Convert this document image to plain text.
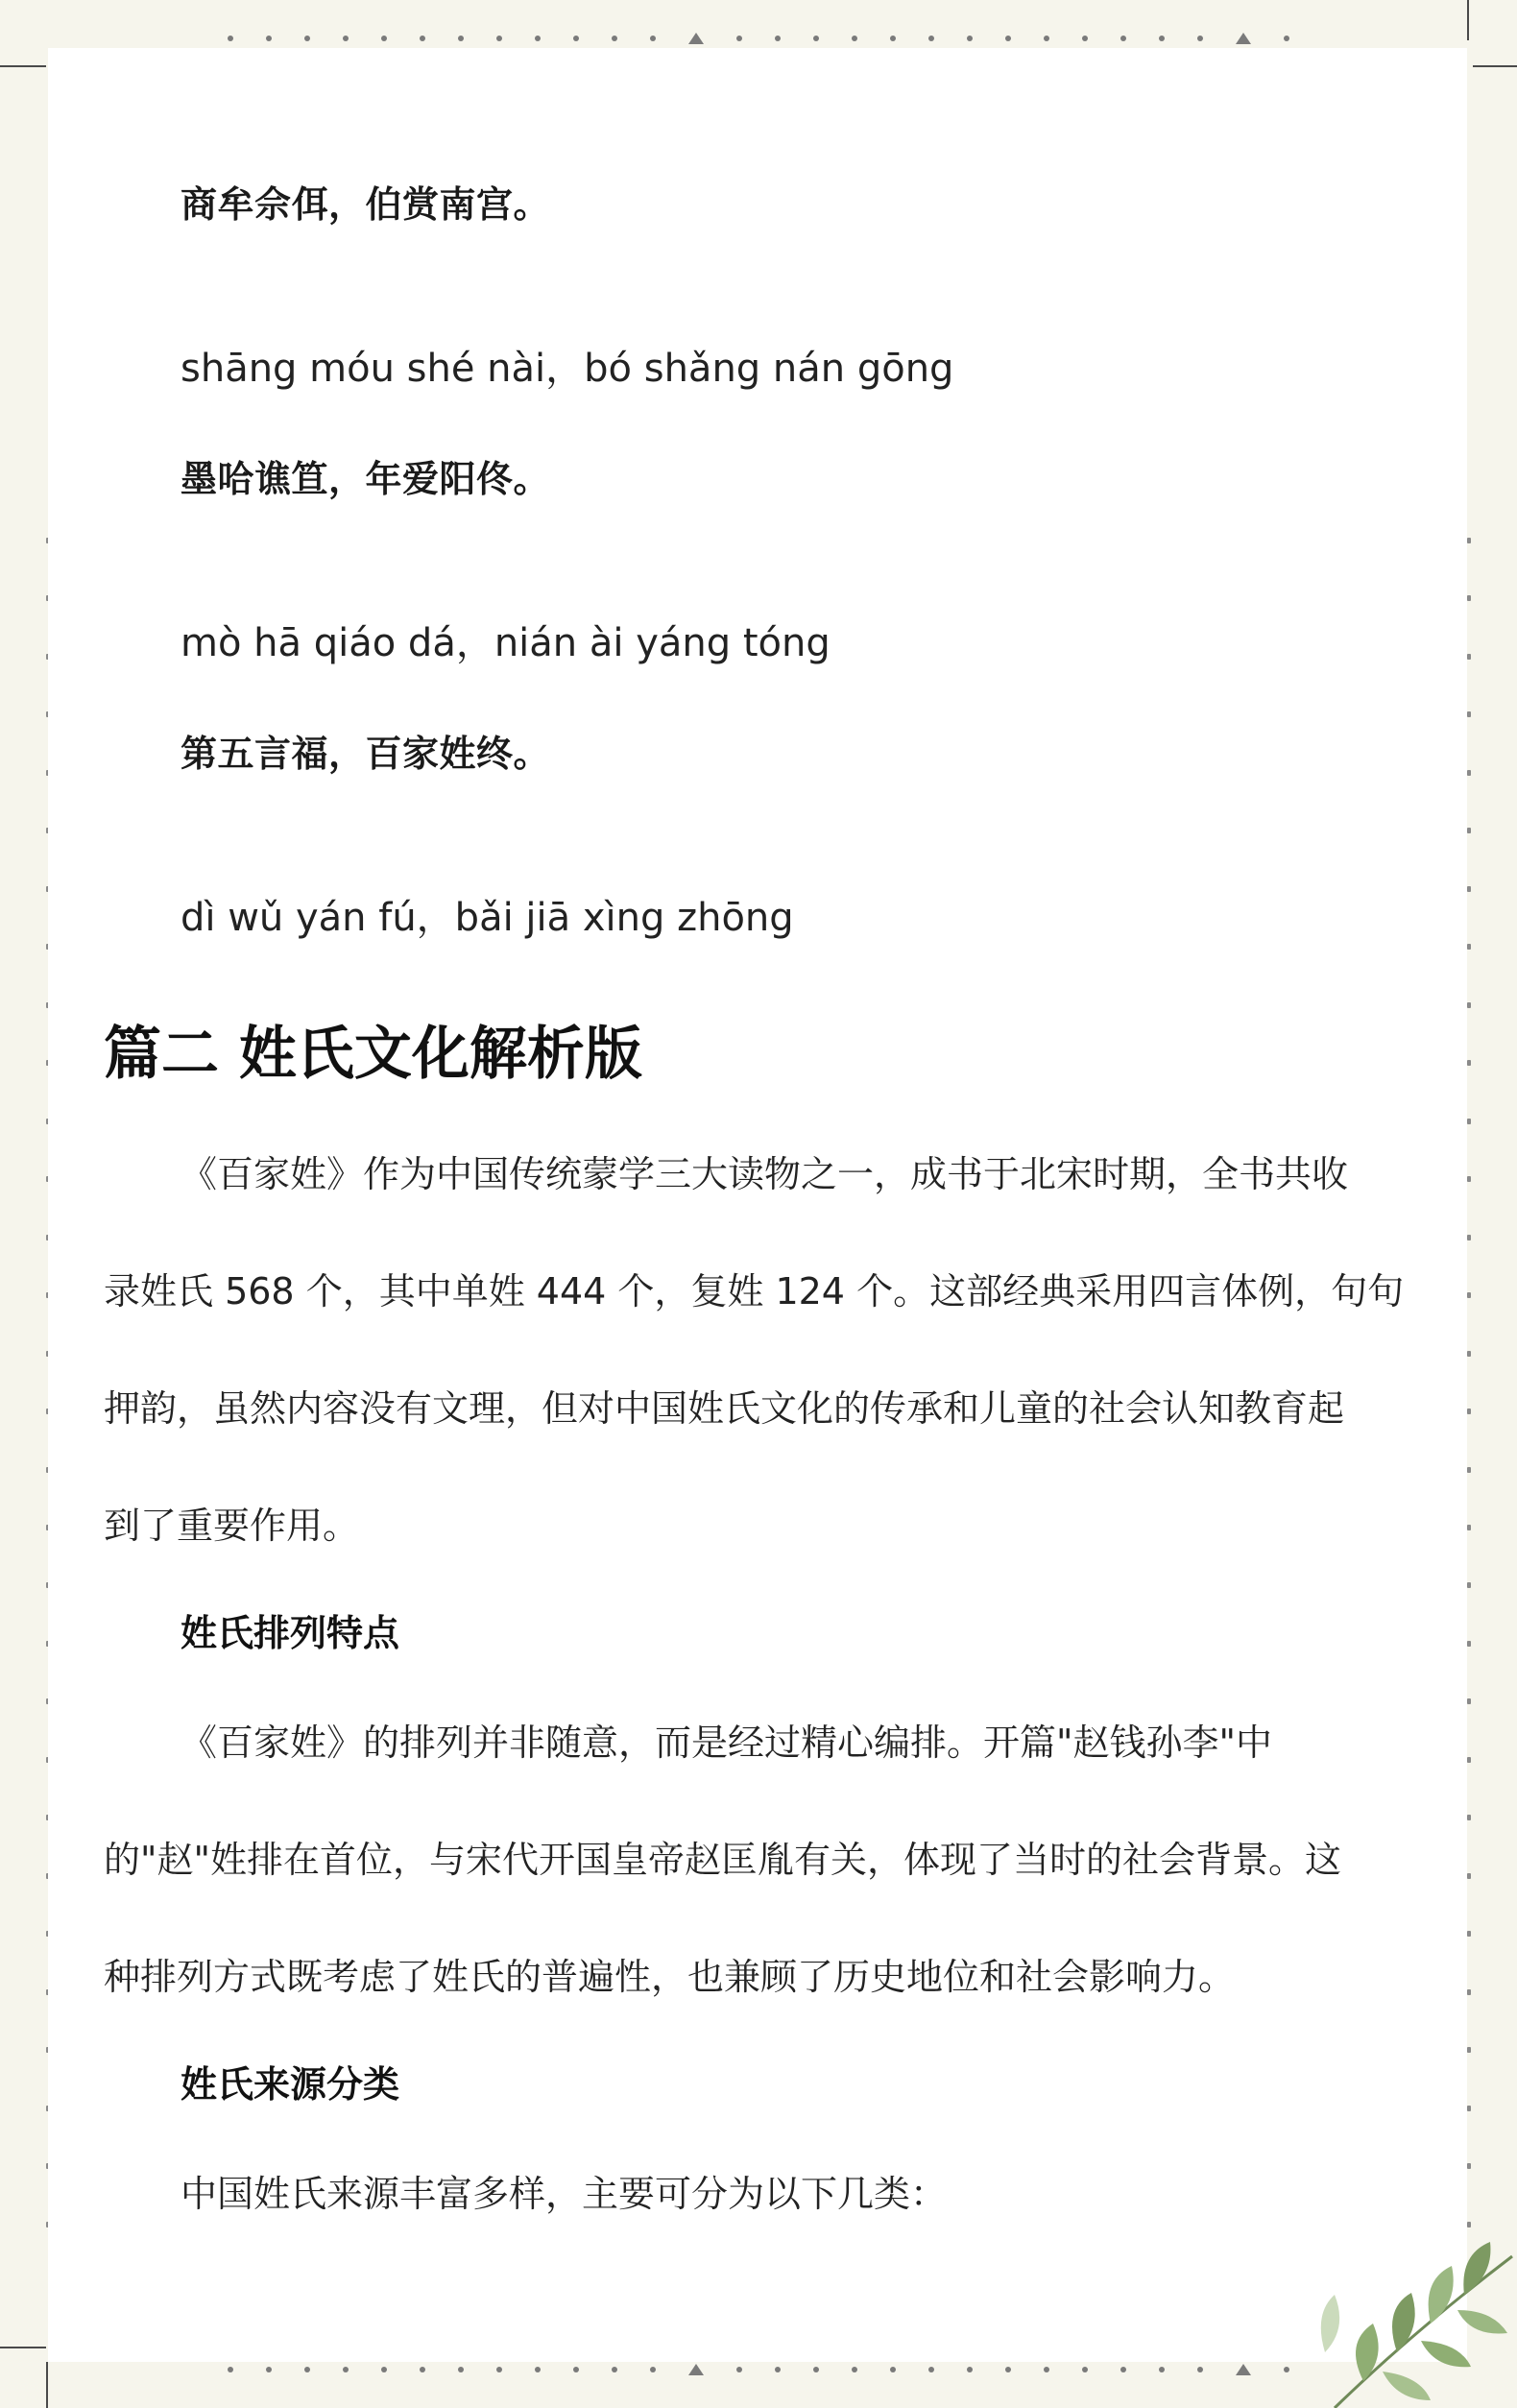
商牟佘佴，伯赏南宫。
shāng móu shé nài，bó shǎng nán gōng
墨哈谯笪，年爱阳佟。
mò hā qiáo dá，nián ài yáng tóng
第五言福，百家姓终。
dì wǔ yán fú，bǎi jiā xìng zhōng
篇二 姓氏文化解析版
《百家姓》作为中国传统蒙学三大读物之一，成书于北宋时期，全书共收
录姓氏 568 个，其中单姓 444 个，复姓 124 个。这部经典采用四言体例，句句
押韵，虽然内容没有文理，但对中国姓氏文化的传承和儿童的社会认知教育起
到了重要作用。
姓氏排列特点
《百家姓》的排列并非随意，而是经过精心编排。开篇"赵钱孙李"中
的"赵"姓排在首位，与宋代开国皇帝赵匡胤有关，体现了当时的社会背景。这
种排列方式既考虑了姓氏的普遍性，也兼顾了历史地位和社会影响力。
姓氏来源分类
中国姓氏来源丰富多样，主要可分为以下几类：
